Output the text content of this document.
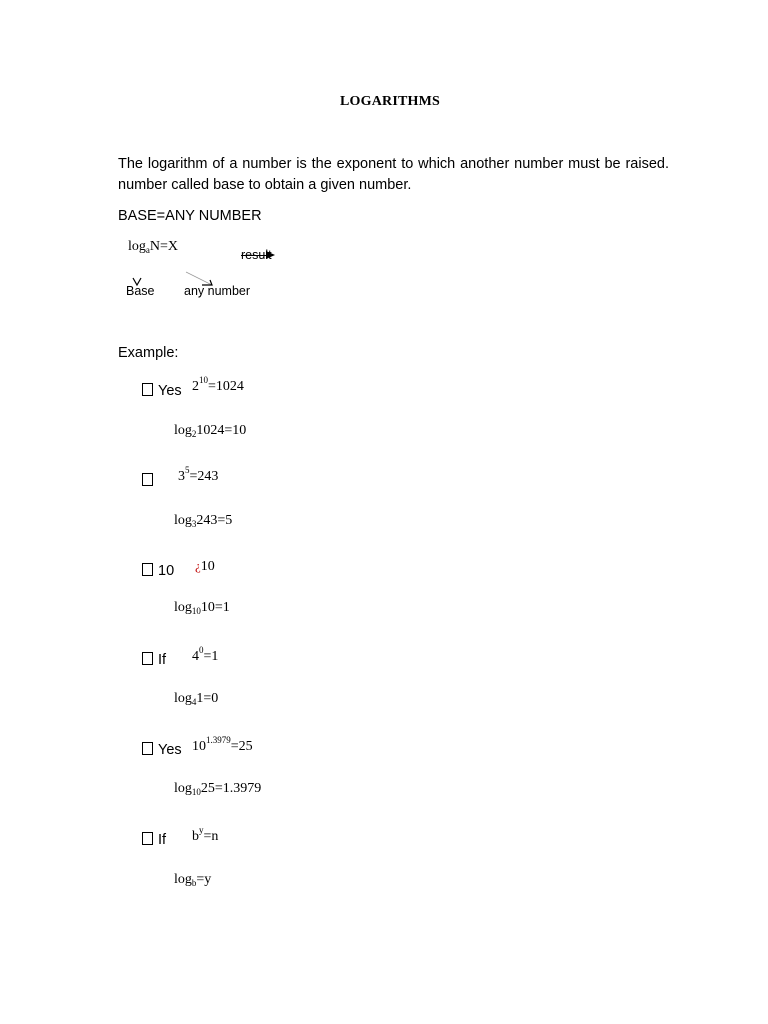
LOGARITHMS
The logarithm of a number is the exponent to which another number must be raised.
number called base to obtain a given number.
BASE=ANY NUMBER
$\log_aN=X$
result
Base any number
Example:
Yes $2^{10}=1024$
$\log_21024=10$
$3^5=243$
$\log_3243=5$
10 ¿10
$\log_{10}10=1$
If $4^0=1$
$\log_41=0$
Yes $10^{1.3979}=25$
$\log_{10}25=1.3979$
If $b^y=n$
$\log_b=y$
